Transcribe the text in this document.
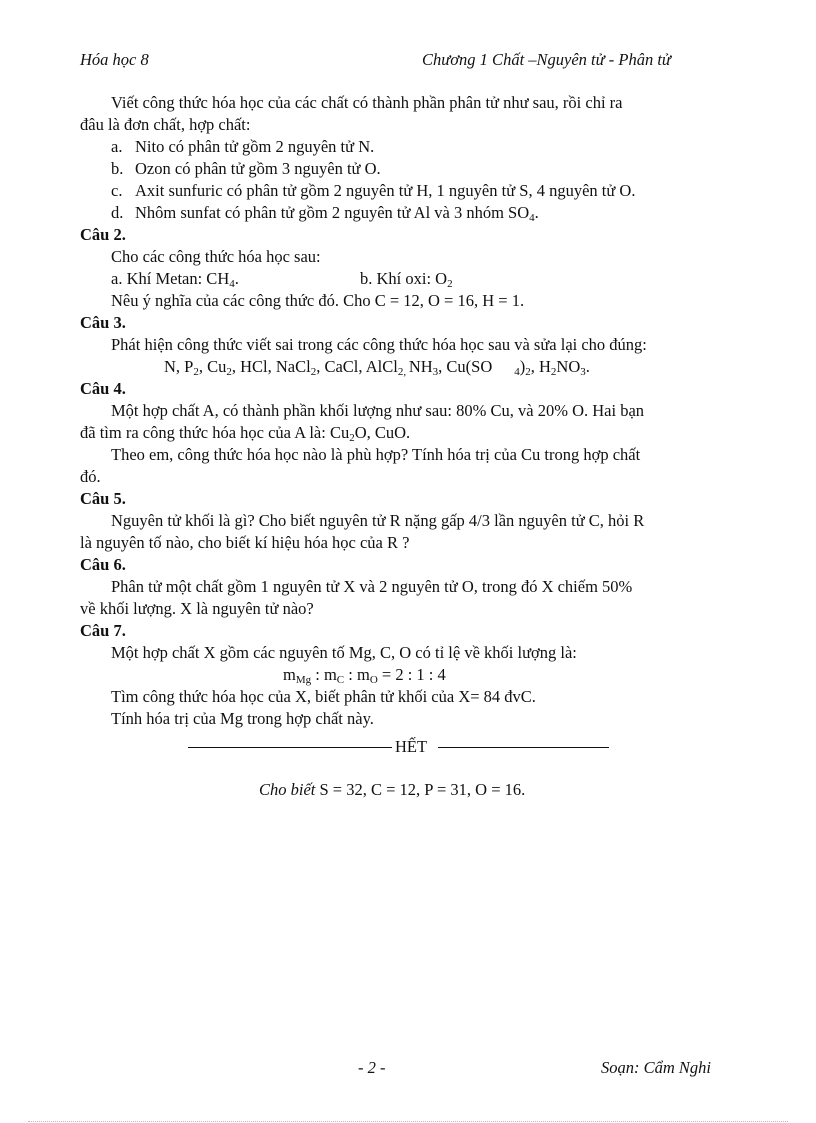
Hóa học 8	Chương 1 Chất –Nguyên tử - Phân tử
Viết công thức hóa học của các chất có thành phần phân tử như sau, rồi chỉ ra
đâu là đơn chất, hợp chất:
a. Nito có phân tử gồm 2 nguyên tử N.
b. Ozon có phân tử gồm 3 nguyên tử O.
c. Axit sunfuric có phân tử gồm 2 nguyên tử H, 1 nguyên tử S, 4 nguyên tử O.
d. Nhôm sunfat có phân tử gồm 2 nguyên tử Al và 3 nhóm $SO_4$.
Câu 2.
Cho các công thức hóa học sau:
a. Khí Metan: $CH_4$.	b. Khí oxi: $O_2$
Nêu ý nghĩa của các công thức đó. Cho C = 12, O = 16, H = 1.
Câu 3.
Phát hiện công thức viết sai trong các công thức hóa học sau và sửa lại cho đúng:
N, $P_2$, $Cu_2$, HCl, NaCl$_2$, CaCl, AlCl$_{2,}$ $NH_3$, Cu(SO $_4)_2$, $H_2NO_3$.
Câu 4.
Một hợp chất A, có thành phần khối lượng như sau: 80% Cu, và 20% O. Hai bạn
đã tìm ra công thức hóa học của A là: $Cu_2O$, CuO.
Theo em, công thức hóa học nào là phù hợp? Tính hóa trị của Cu trong hợp chất
đó.
Câu 5.
Nguyên tử khối là gì? Cho biết nguyên tử R nặng gấp 4/3 lần nguyên tử C, hỏi R
là nguyên tố nào, cho biết kí hiệu hóa học của R ?
Câu 6.
Phân tử một chất gồm 1 nguyên tử X và 2 nguyên tử O, trong đó X chiếm 50%
về khối lượng. X là nguyên tử nào?
Câu 7.
Một hợp chất X gồm các nguyên tố Mg, C, O có tỉ lệ về khối lượng là:
$m_{Mg}$ : $m_C$ : $m_O = 2$ : 1 : 4
Tìm công thức hóa học của X, biết phân tử khối của X= 84 đvC.
Tính hóa trị của Mg trong hợp chất này.
HẾT
Cho biết S = 32, C = 12, P = 31, O = 16.
- 2 -	Soạn: Cẩm Nghi
